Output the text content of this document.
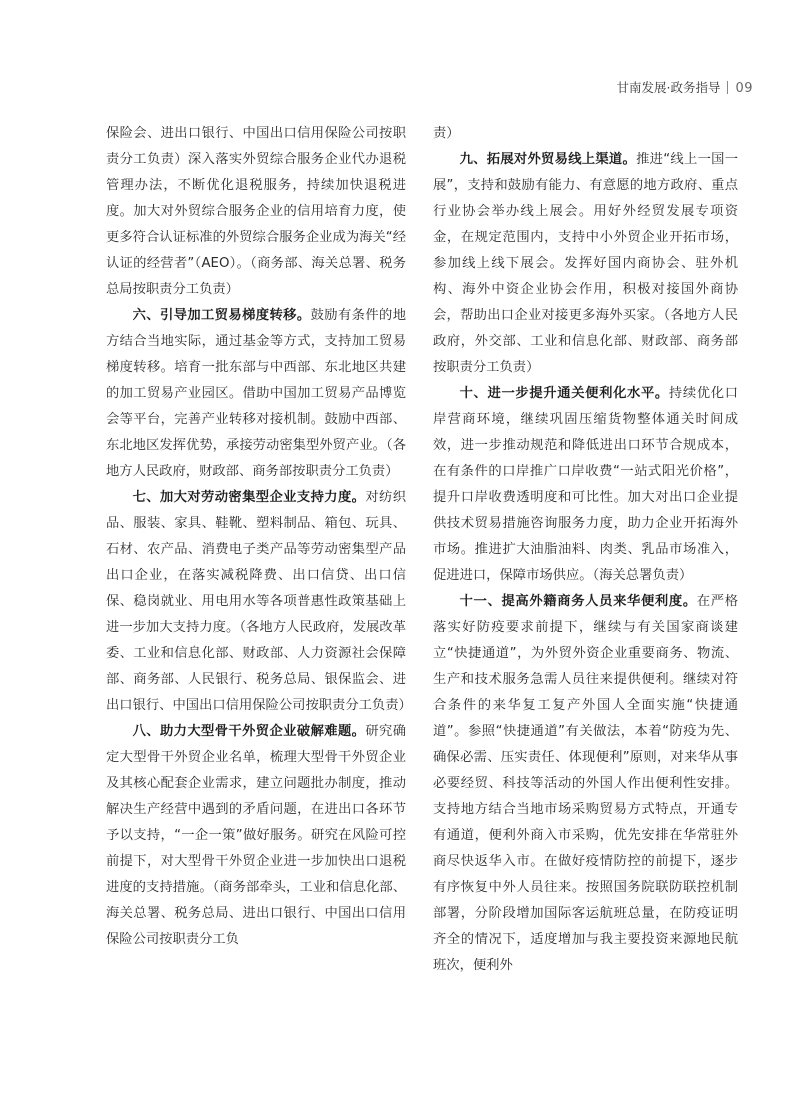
甘南发展·政务指导 09

保险会、进出口银行、中国出口信用保险公司按职责分工负责）深入落实外贸综合服务企业代办退税管理办法，不断优化退税服务，持续加快退税进度。加大对外贸综合服务企业的信用培育力度，使更多符合认证标准的外贸综合服务企业成为海关“经认证的经营者”（AEO）。（商务部、海关总署、税务总局按职责分工负责）

六、引导加工贸易梯度转移。鼓励有条件的地方结合当地实际，通过基金等方式，支持加工贸易梯度转移。培育一批东部与中西部、东北地区共建的加工贸易产业园区。借助中国加工贸易产品博览会等平台，完善产业转移对接机制。鼓励中西部、东北地区发挥优势，承接劳动密集型外贸产业。（各地方人民政府，财政部、商务部按职责分工负责）

七、加大对劳动密集型企业支持力度。对纺织品、服装、家具、鞋靴、塑料制品、箱包、玩具、石材、农产品、消费电子类产品等劳动密集型产品出口企业，在落实减税降费、出口信贷、出口信保、稳岗就业、用电用水等各项普惠性政策基础上进一步加大支持力度。（各地方人民政府，发展改革委、工业和信息化部、财政部、人力资源社会保障部、商务部、人民银行、税务总局、银保监会、进出口银行、中国出口信用保险公司按职责分工负责）

八、助力大型骨干外贸企业破解难题。研究确定大型骨干外贸企业名单，梳理大型骨干外贸企业及其核心配套企业需求，建立问题批办制度，推动解决生产经营中遇到的矛盾问题，在进出口各环节予以支持，“一企一策”做好服务。研究在风险可控前提下，对大型骨干外贸企业进一步加快出口退税进度的支持措施。（商务部牵头，工业和信息化部、海关总署、税务总局、进出口银行、中国出口信用保险公司按职责分工负

责）

九、拓展对外贸易线上渠道。推进“线上一国一展”，支持和鼓励有能力、有意愿的地方政府、重点行业协会举办线上展会。用好外经贸发展专项资金，在规定范围内，支持中小外贸企业开拓市场，参加线上线下展会。发挥好国内商协会、驻外机构、海外中资企业协会作用，积极对接国外商协会，帮助出口企业对接更多海外买家。（各地方人民政府，外交部、工业和信息化部、财政部、商务部按职责分工负责）

十、进一步提升通关便利化水平。持续优化口岸营商环境，继续巩固压缩货物整体通关时间成效，进一步推动规范和降低进出口环节合规成本，在有条件的口岸推广口岸收费“一站式阳光价格”，提升口岸收费透明度和可比性。加大对出口企业提供技术贸易措施咨询服务力度，助力企业开拓海外市场。推进扩大油脂油料、肉类、乳品市场准入，促进进口，保障市场供应。（海关总署负责）

十一、提高外籍商务人员来华便利度。在严格落实好防疫要求前提下，继续与有关国家商谈建立“快捷通道”，为外贸外资企业重要商务、物流、生产和技术服务急需人员往来提供便利。继续对符合条件的来华复工复产外国人全面实施“快捷通道”。参照“快捷通道”有关做法，本着“防疫为先、确保必需、压实责任、体现便利”原则，对来华从事必要经贸、科技等活动的外国人作出便利性安排。支持地方结合当地市场采购贸易方式特点，开通专有通道，便利外商入市采购，优先安排在华常驻外商尽快返华入市。在做好疫情防控的前提下，逐步有序恢复中外人员往来。按照国务院联防联控机制部署，分阶段增加国际客运航班总量，在防疫证明齐全的情况下，适度增加与我主要投资来源地民航班次，便利外
